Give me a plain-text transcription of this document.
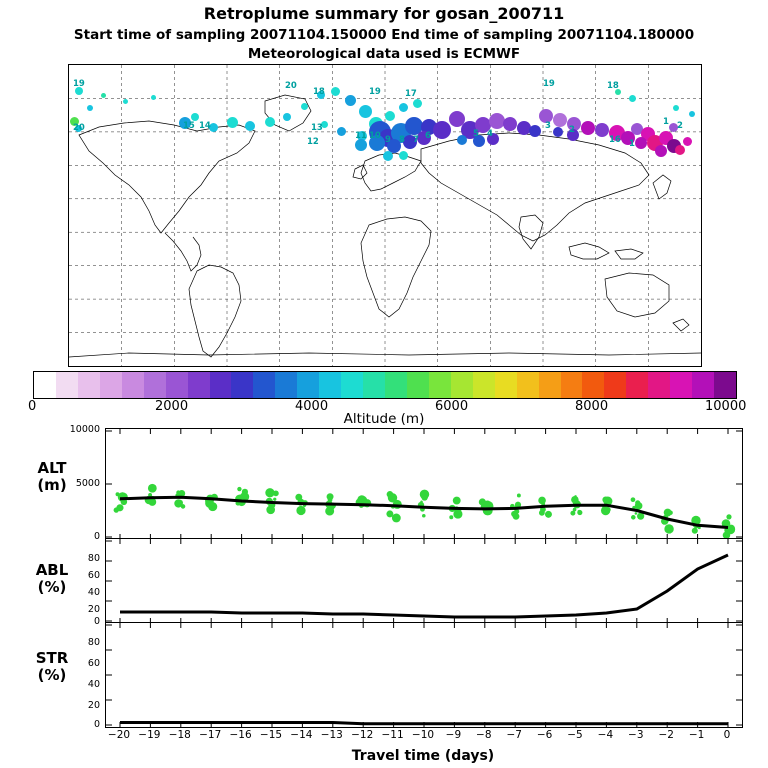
Retroplume summary for gosan_200711
Start time of sampling 20071104.150000 End time of sampling 20071104.180000
Meteorological data used is ECMWF
20
19
15 14
20
18
13
12
19	17
11 10 9 8 7 6	5 4
3 2
16 1
1 2
19	18
0	2000	4000	6000	8000	10000
Altitude (m)
ALT
(m)
10000
5000
0
ABL
(%)
80
60
40
20
0
STR
(%)
80
60
40
20
0
−20 −19 −18 −17 −16 −15 −14 −13 −12 −11 −10	−9	−8	−7	−6	−5	−4	−3	−2	−1	0
Travel time (days)
